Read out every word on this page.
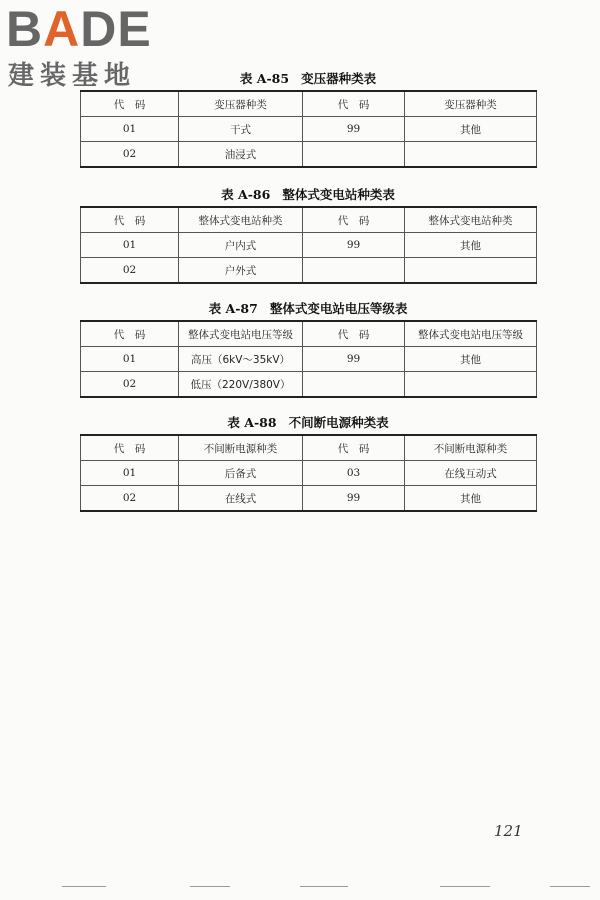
BADE
建装基地	表 A-85 变压器种类表
代　码	变压器种类	代　码	变压器种类
01	干式	99	其他
02	油浸式		
表 A-86 整体式变电站种类表
代　码	整体式变电站种类	代　码	整体式变电站种类
01	户内式	99	其他
02	户外式		
表 A-87 整体式变电站电压等级表
代　码	整体式变电站电压等级	代　码	整体式变电站电压等级
01	高压（6kV～35kV）	99	其他
02	低压（220V/380V）		
表 A-88 不间断电源种类表
代　码	不间断电源种类	代　码	不间断电源种类
01	后备式	03	在线互动式
02	在线式	99	其他
121
